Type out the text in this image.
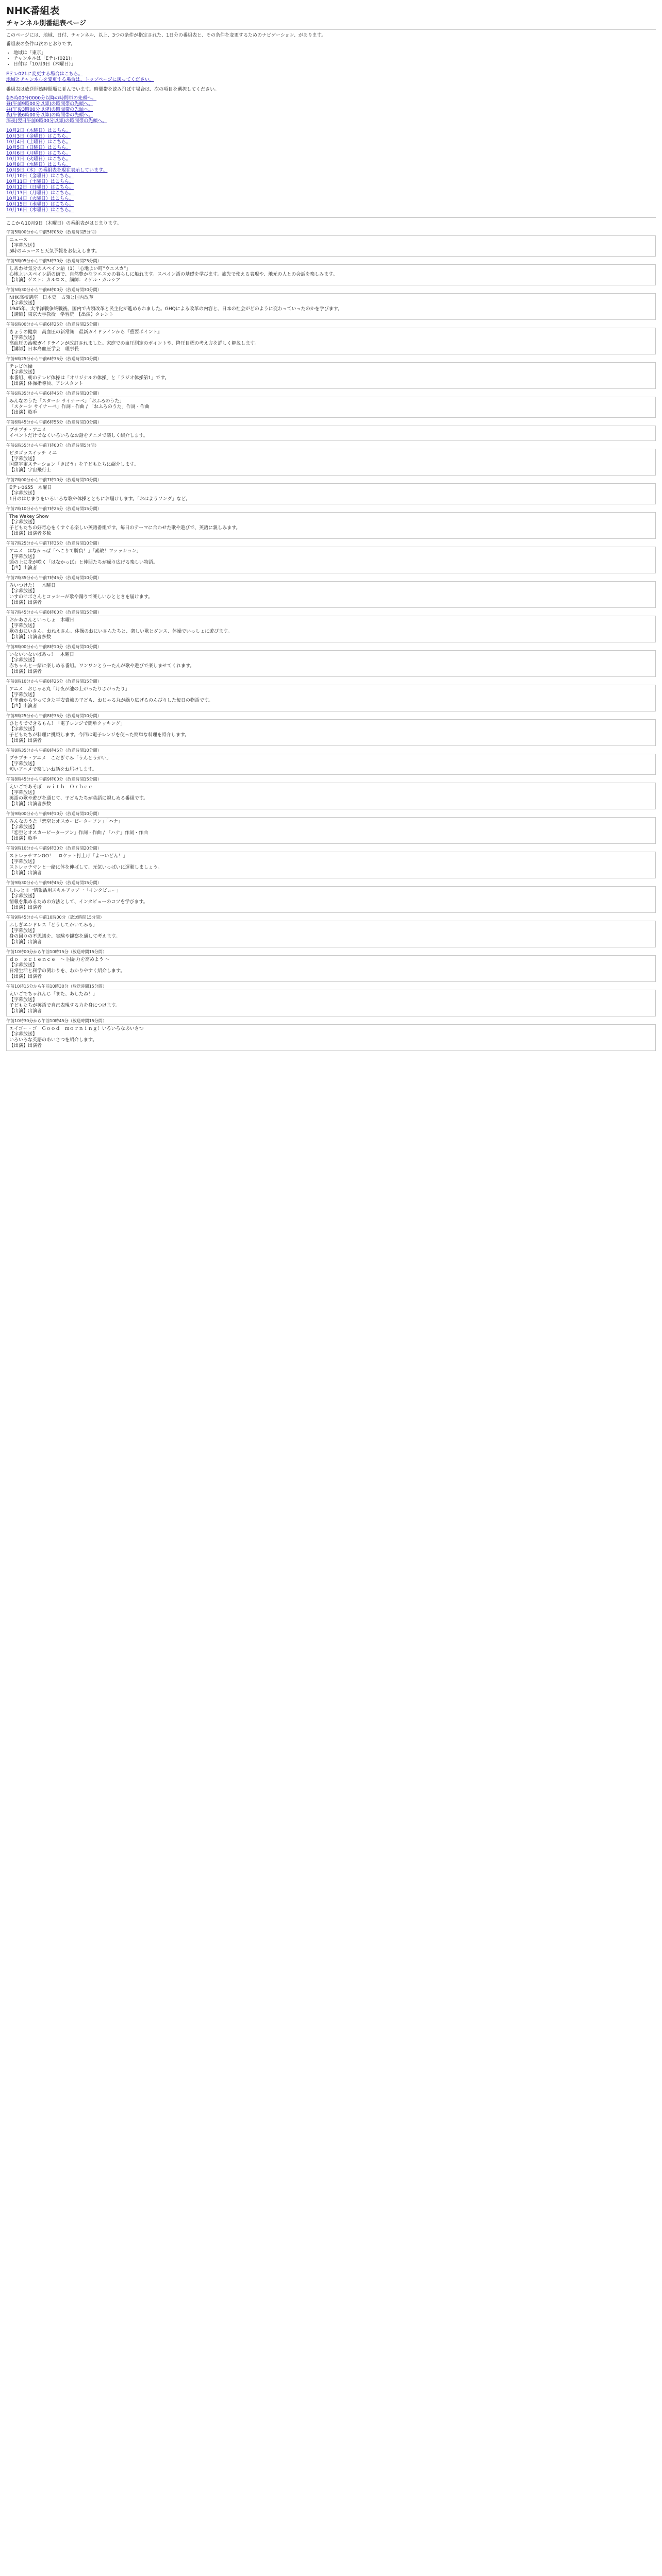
NHK番組表
チャンネル別番組表ページ

このページには、地域、日付、チャンネル、以上、3つの条件が指定された、1日分の番組表と、その条件を変更するためのナビゲーション、があります。

番組表の条件は次のとおりです。

• 地域は「東京」
• チャンネルは「Eテレ(021)」
• 日付は「10月9日（木曜日）」
Eテレ021に変更する場合はこちら。
地域とチャンネルを変更する場合は、トップページに戻ってください。

番組表は放送開始時間順に並んでいます。時間帯を読み飛ばす場合は、次の項目を選択してください。

朝5時00分0000分以降の時間帯の先頭へ。
昼(午前9時00分以降)の時間帯の先頭へ。
昼(午後3時00分以降)の時間帯の先頭へ。
夜(午後6時00分以降)の時間帯の先頭へ。
深夜(翌日午前0時00分以降)の時間帯の先頭へ。
10月2日（木曜日）はこちら。
10月3日（金曜日）はこちら。
10月4日（土曜日）はこちら。
10月5日（日曜日）はこちら。
10月6日（月曜日）はこちら。
10月7日（火曜日）はこちら。
10月8日（水曜日）はこちら。
10月9日（木）の番組表を現在表示しています。
10月10日（金曜日）はこちら。
10月11日（土曜日）はこちら。
10月12日（日曜日）はこちら。
10月13日（月曜日）はこちら。
10月14日（火曜日）はこちら。
10月15日（水曜日）はこちら。
10月16日（木曜日）はこちら。

ここから10月9日（木曜日）の番組表がはじまります。

午前5時00分から午前5時05分（放送時間5分間）
ニュース
【字幕放送】
5時のニュースと天気予報をお伝えします。
午前5時05分から午前5時30分（放送時間25分間）
しあわせ気分のスペイン語（1）「心地よい町”ウエスカ”」
心地よいスペイン語の街で、自然豊かなウエスカの暮らしに触れます。スペイン語の基礎を学びます。旅先で使える表現や、地元の人との会話を楽しみます。
【出演】ゲスト：カルロス、講師：ミゲル・ガルシア
午前5時30分から午前6時00分（放送時間30分間）
NHK高校講座　日本史　占領と国内改革
【字幕放送】
1945年、太平洋戦争終戦後、国内で占領改革と民主化が進められました。GHQによる改革の内容と、日本の社会がどのように変わっていったのかを学びます。
【講師】東京大学教授　学習院　【出演】タレント
午前6時00分から午前6時25分（放送時間25分間）
きょうの健康　高血圧の新常識　最新ガイドラインから『重要ポイント』
【字幕放送】
高血圧の治療ガイドラインが改訂されました。家庭での血圧測定のポイントや、降圧目標の考え方を詳しく解説します。
【講師】日本高血圧学会　理事長
午前6時25分から午前6時35分（放送時間10分間）
テレビ体操
【字幕放送】
本番組、朝のテレビ体操は「オリジナルの体操」と「ラジオ体操第1」です。
【出演】体操指導員、アシスタント
午前6時35分から午前6時45分（放送時間10分間）
みんなのうた「スターシ サイナーベ」「おふろのうた」
「スターシ サイナーベ」作詞・作曲 / 「おふろのうた」作詞・作曲
【出演】歌手
午前6時45分から午前6時55分（放送時間10分間）
プチプチ・アニメ
イベントだけでなくいろいろなお話をアニメで楽しく紹介します。
午前6時55分から午前7時00分（放送時間5分間）
ピタゴラスイッチ ミニ
【字幕放送】
国際宇宙ステーション「きぼう」を子どもたちに紹介します。
【出演】宇宙飛行士
午前7時00分から午前7時10分（放送時間10分間）
Eテレ0655　木曜日
【字幕放送】
1日のはじまりをいろいろな歌や体操とともにお届けします。「おはようソング」など。
午前7時10分から午前7時25分（放送時間15分間）
The Wakey Show
【字幕放送】
子どもたちの好奇心をくすぐる楽しい英語番組です。毎日のテーマに合わせた歌や遊びで、英語に親しみます。
【出演】出演者多数
午前7時25分から午前7時35分（放送時間10分間）
アニメ　はなかっぱ「へこりて勝負！」「素敵！ファッション」
【字幕放送】
頭の上に花が咲く「はなかっぱ」と仲間たちが繰り広げる楽しい物語。
【声】出演者
午前7時35分から午前7時45分（放送時間10分間）
みいつけた！　木曜日
【字幕放送】
いすのサボさんとコッシーが歌や踊りで楽しいひとときを届けます。
【出演】出演者
午前7時45分から午前8時00分（放送時間15分間）
おかあさんといっしょ　木曜日
【字幕放送】
歌のおにいさん、おねえさん、体操のおにいさんたちと、楽しい歌とダンス、体操でいっしょに遊びます。
【出演】出演者多数
午前8時00分から午前8時10分（放送時間10分間）
いないいないばあっ！　木曜日
【字幕放送】
赤ちゃんと一緒に楽しめる番組。ワンワンとうーたんが歌や遊びで楽しませてくれます。
【出演】出演者
午前8時10分から午前8時25分（放送時間15分間）
アニメ　おじゃる丸「月夜が池の上がったりさがったり」
【字幕放送】
千年前からやってきた平安貴族の子ども、おじゃる丸が繰り広げるのんびりした毎日の物語です。
【声】出演者
午前8時25分から午前8時35分（放送時間10分間）
ひとりでできるもん！「電子レンジで簡単クッキング」
【字幕放送】
子どもたちが料理に挑戦します。今回は電子レンジを使った簡単な料理を紹介します。
【出演】出演者
午前8時35分から午前8時45分（放送時間10分間）
プチプチ・アニメ　こだぎぐみ「うんとうがい」
【字幕放送】
短いアニメで楽しいお話をお届けします。
午前8時45分から午前9時00分（放送時間15分間）
えいごであそぼ　ｗｉｔｈ　Ｏｒｂｅｃ
【字幕放送】
英語の歌や遊びを通じて、子どもたちが英語に親しめる番組です。
【出演】出演者多数
午前9時00分から午前9時10分（放送時間10分間）
みんなのうた「恋空とオスカーピーターソン」「ハナ」
【字幕放送】
「恋空とオスカーピーターソン」作詞・作曲 / 「ハナ」作詞・作曲
【出演】歌手
午前9時10分から午前9時30分（放送時間20分間）
ストレッチマンGO！　ロケット打上げ「よーいどん！」
【字幕放送】
ストレッチマンと一緒に体を伸ばして、元気いっぱいに運動しましょう。
【出演】出演者
午前9時30分から午前9時45分（放送時間15分間）
し!っと!!一情報活用スキルアップ一「インタビュー」
【字幕放送】
情報を集めるための方法として、インタビューのコツを学びます。
【出演】出演者
午前9時45分から午前10時00分（放送時間15分間）
ふしぎエンドレス「どうしてかいてみる」
【字幕放送】
身の回りの不思議を、実験や観察を通して考えます。
【出演】出演者
午前10時00分から午前10時15分（放送時間15分間）
ｄｏ　ｓｃｉｅｎｃｅ　～ 国語力を高めよう ～
【字幕放送】
日常生活と科学の関わりを、わかりやすく紹介します。
【出演】出演者
午前10時15分から午前10時30分（放送時間15分間）
えいごでちゃれんじ「また、あしたね！」
【字幕放送】
子どもたちが英語で自己表現する力を身につけます。
【出演】出演者
午前10時30分から午前10時45分（放送時間15分間）
エイゴー・ゴ　Ｇｏｏｄ　ｍｏｒｎｉｎｇ！いろいろなあいさつ
【字幕放送】
いろいろな英語のあいさつを紹介します。
【出演】出演者
